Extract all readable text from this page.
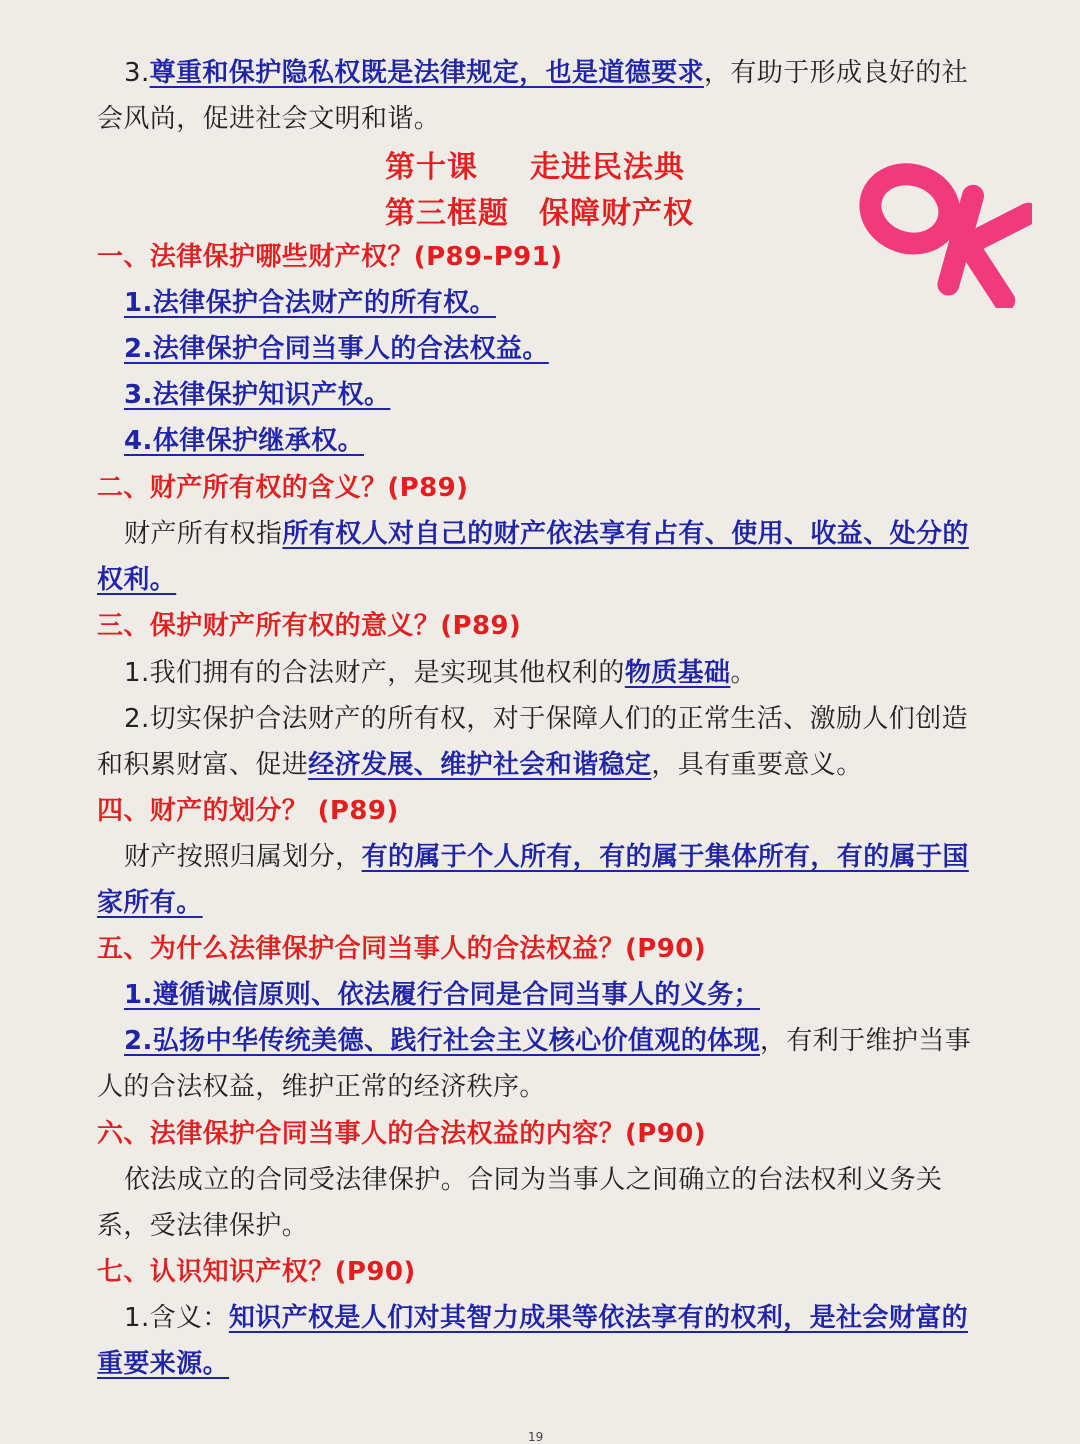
3.尊重和保护隐私权既是法律规定，也是道德要求，有助于形成良好的社
会风尚，促进社会文明和谐。
第十课 走进民法典
第三框题 保障财产权
一、法律保护哪些财产权？(P89-P91)
1.法律保护合法财产的所有权。
2.法律保护合同当事人的合法权益。
3.法律保护知识产权。
4.体律保护继承权。
二、财产所有权的含义？(P89)
财产所有权指所有权人对自己的财产依法享有占有、使用、收益、处分的
权利。
三、保护财产所有权的意义？(P89)
1.我们拥有的合法财产，是实现其他权利的物质基础。
2.切实保护合法财产的所有权，对于保障人们的正常生活、激励人们创造
和积累财富、促进经济发展、维护社会和谐稳定，具有重要意义。
四、财产的划分？ (P89)
财产按照归属划分，有的属于个人所有，有的属于集体所有，有的属于国
家所有。
五、为什么法律保护合同当事人的合法权益？(P90)
1.遵循诚信原则、依法履行合同是合同当事人的义务；
2.弘扬中华传统美德、践行社会主义核心价值观的体现，有利于维护当事
人的合法权益，维护正常的经济秩序。
六、法律保护合同当事人的合法权益的内容？(P90)
依法成立的合同受法律保护。合同为当事人之间确立的台法权利义务关
系，受法律保护。
七、认识知识产权？(P90)
1.含义：知识产权是人们对其智力成果等依法享有的权利，是社会财富的
重要来源。
19
